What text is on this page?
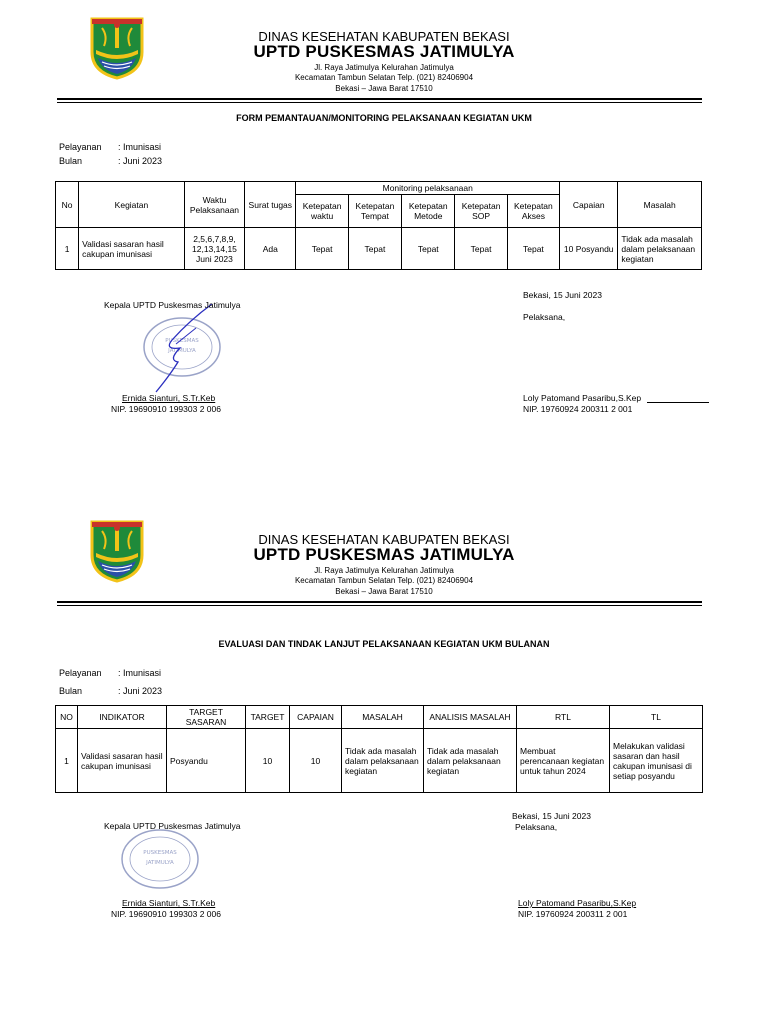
DINAS KESEHATAN KABUPATEN BEKASI
UPTD PUSKESMAS JATIMULYA
Jl. Raya Jatimulya Kelurahan Jatimulya
Kecamatan Tambun Selatan Telp. (021) 82406904
Bekasi – Jawa Barat 17510
FORM PEMANTAUAN/MONITORING PELAKSANAAN KEGIATAN UKM
Pelayanan : Imunisasi
Bulan	: Juni 2023
No	Kegiatan	Waktu Pelaksanaan	Surat tugas	Monitoring pelaksanaan					Capaian	Masalah
				Ketepatan waktu	Ketepatan Tempat	Ketepatan Metode	Ketepatan SOP	Ketepatan Akses		
1	Validasi sasaran hasil cakupan imunisasi	2,5,6,7,8,9, 12,13,14,15 Juni 2023	Ada	Tepat	Tepat	Tepat	Tepat	Tepat	10 Posyandu	Tidak ada masalah dalam pelaksanaan kegiatan
PUSKESMAS
JATIMULYA
Kepala UPTD Puskesmas Jatimulya
Ernida Sianturi, S.Tr.Keb
NIP. 19690910 199303 2 006
Bekasi, 15 Juni 2023
Pelaksana,
Loly Patomand Pasaribu,S.Kep
NIP. 19760924 200311 2 001
DINAS KESEHATAN KABUPATEN BEKASI
UPTD PUSKESMAS JATIMULYA
Jl. Raya Jatimulya Kelurahan Jatimulya
Kecamatan Tambun Selatan Telp. (021) 82406904
Bekasi – Jawa Barat 17510
EVALUASI DAN TINDAK LANJUT PELAKSANAAN KEGIATAN UKM BULANAN
Pelayanan : Imunisasi
Bulan	: Juni 2023
NO	INDIKATOR	TARGET SASARAN	TARGET	CAPAIAN	MASALAH	ANALISIS MASALAH	RTL	TL
1	Validasi sasaran hasil cakupan imunisasi	Posyandu	10	10	Tidak ada masalah dalam pelaksanaan kegiatan	Tidak ada masalah dalam pelaksanaan kegiatan	Membuat perencanaan kegiatan untuk tahun 2024	Melakukan validasi sasaran dan hasil cakupan imunisasi di setiap posyandu
PUSKESMAS
JATIMULYA
Kepala UPTD Puskesmas Jatimulya
Ernida Sianturi, S.Tr.Keb
NIP. 19690910 199303 2 006
Bekasi, 15 Juni 2023
Pelaksana,
Loly Patomand Pasaribu,S.Kep
NIP. 19760924 200311 2 001
